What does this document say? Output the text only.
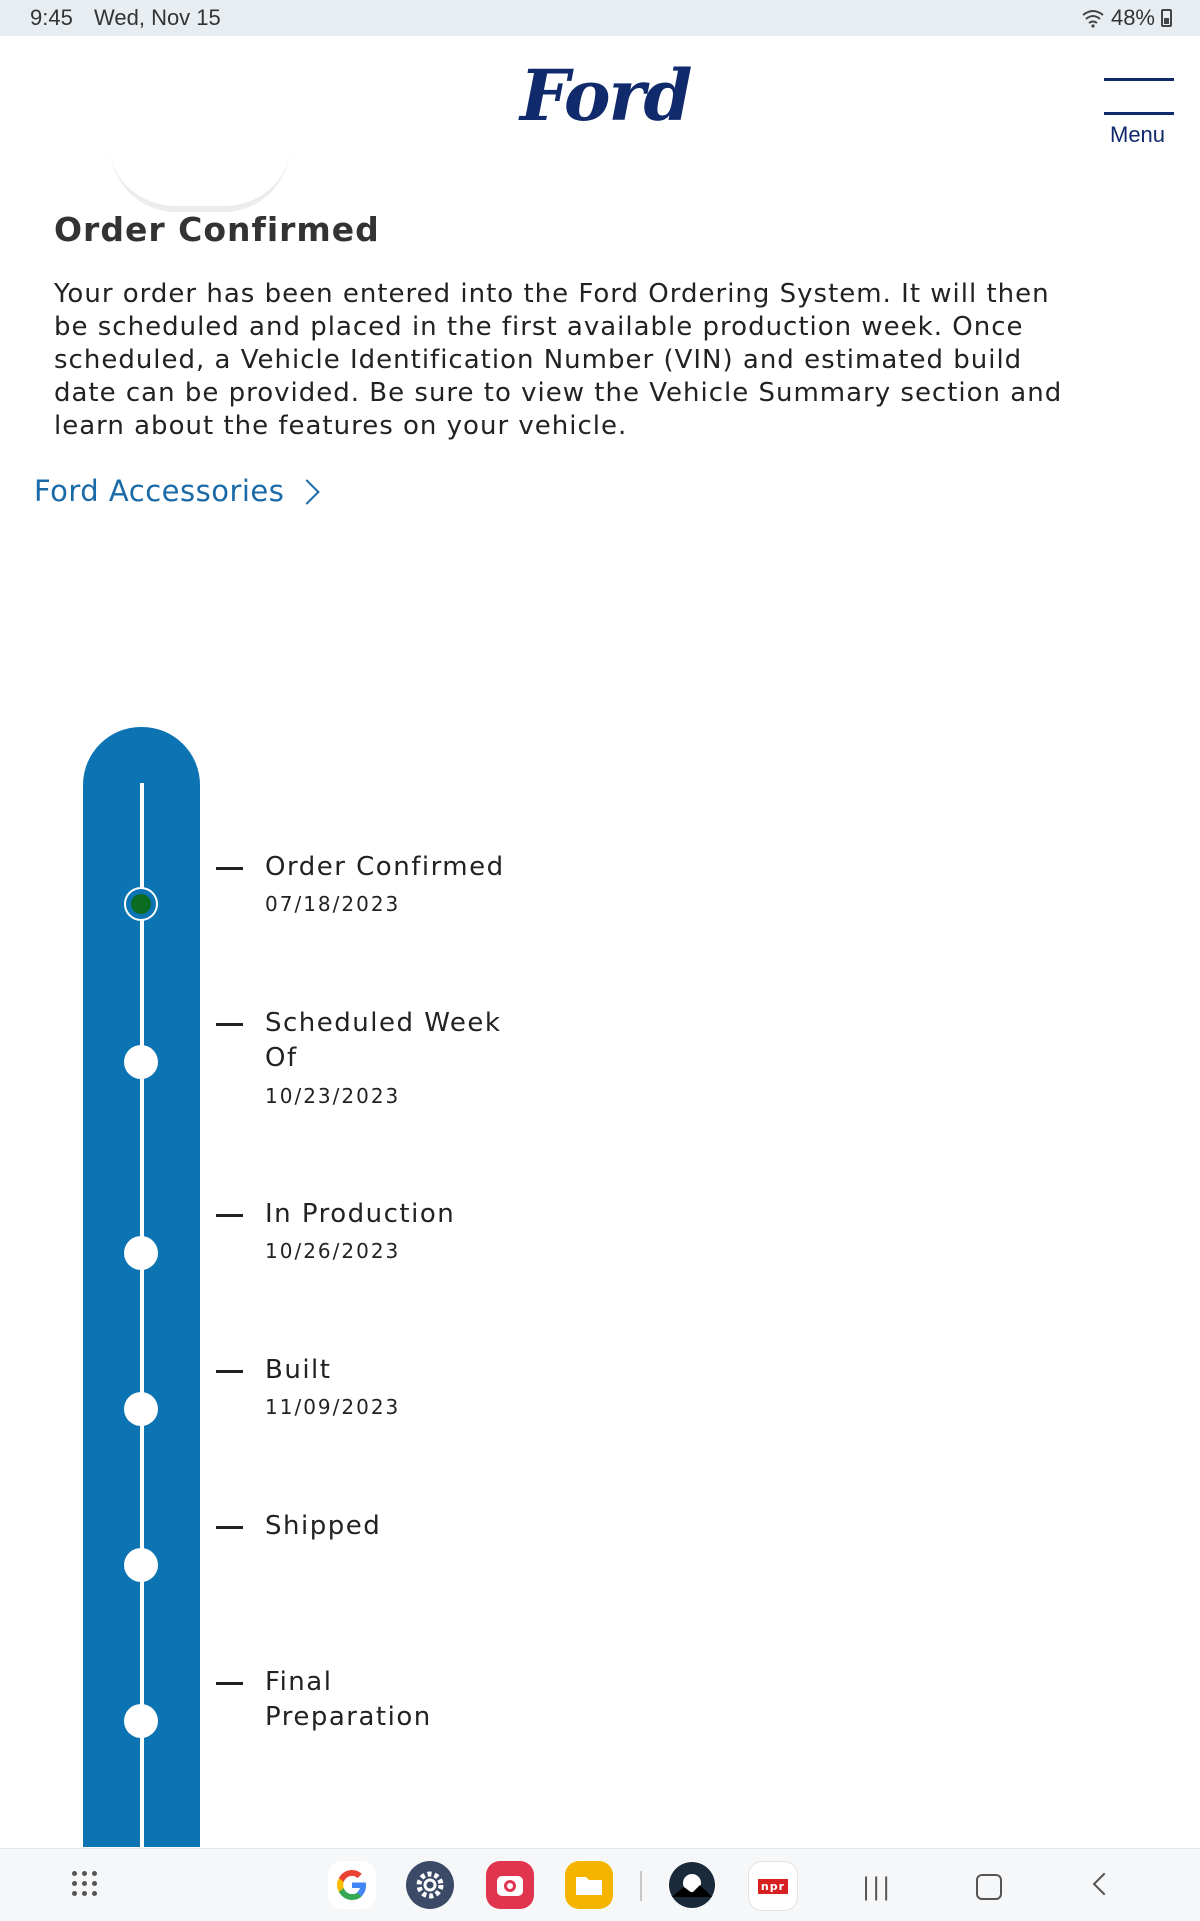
9:45 Wed, Nov 15	48%
Ford	Menu
Order Confirmed

Your order has been entered into the Ford Ordering System. It will then be scheduled and placed in the first available production week. Once scheduled, a Vehicle Identification Number (VIN) and estimated build date can be provided. Be sure to view the Vehicle Summary section and learn about the features on your vehicle.

Ford Accessories
Order Confirmed
07/18/2023
Scheduled Week Of
10/23/2023
In Production
10/26/2023
Built
11/09/2023
Shipped
Final Preparation
npr	|||
